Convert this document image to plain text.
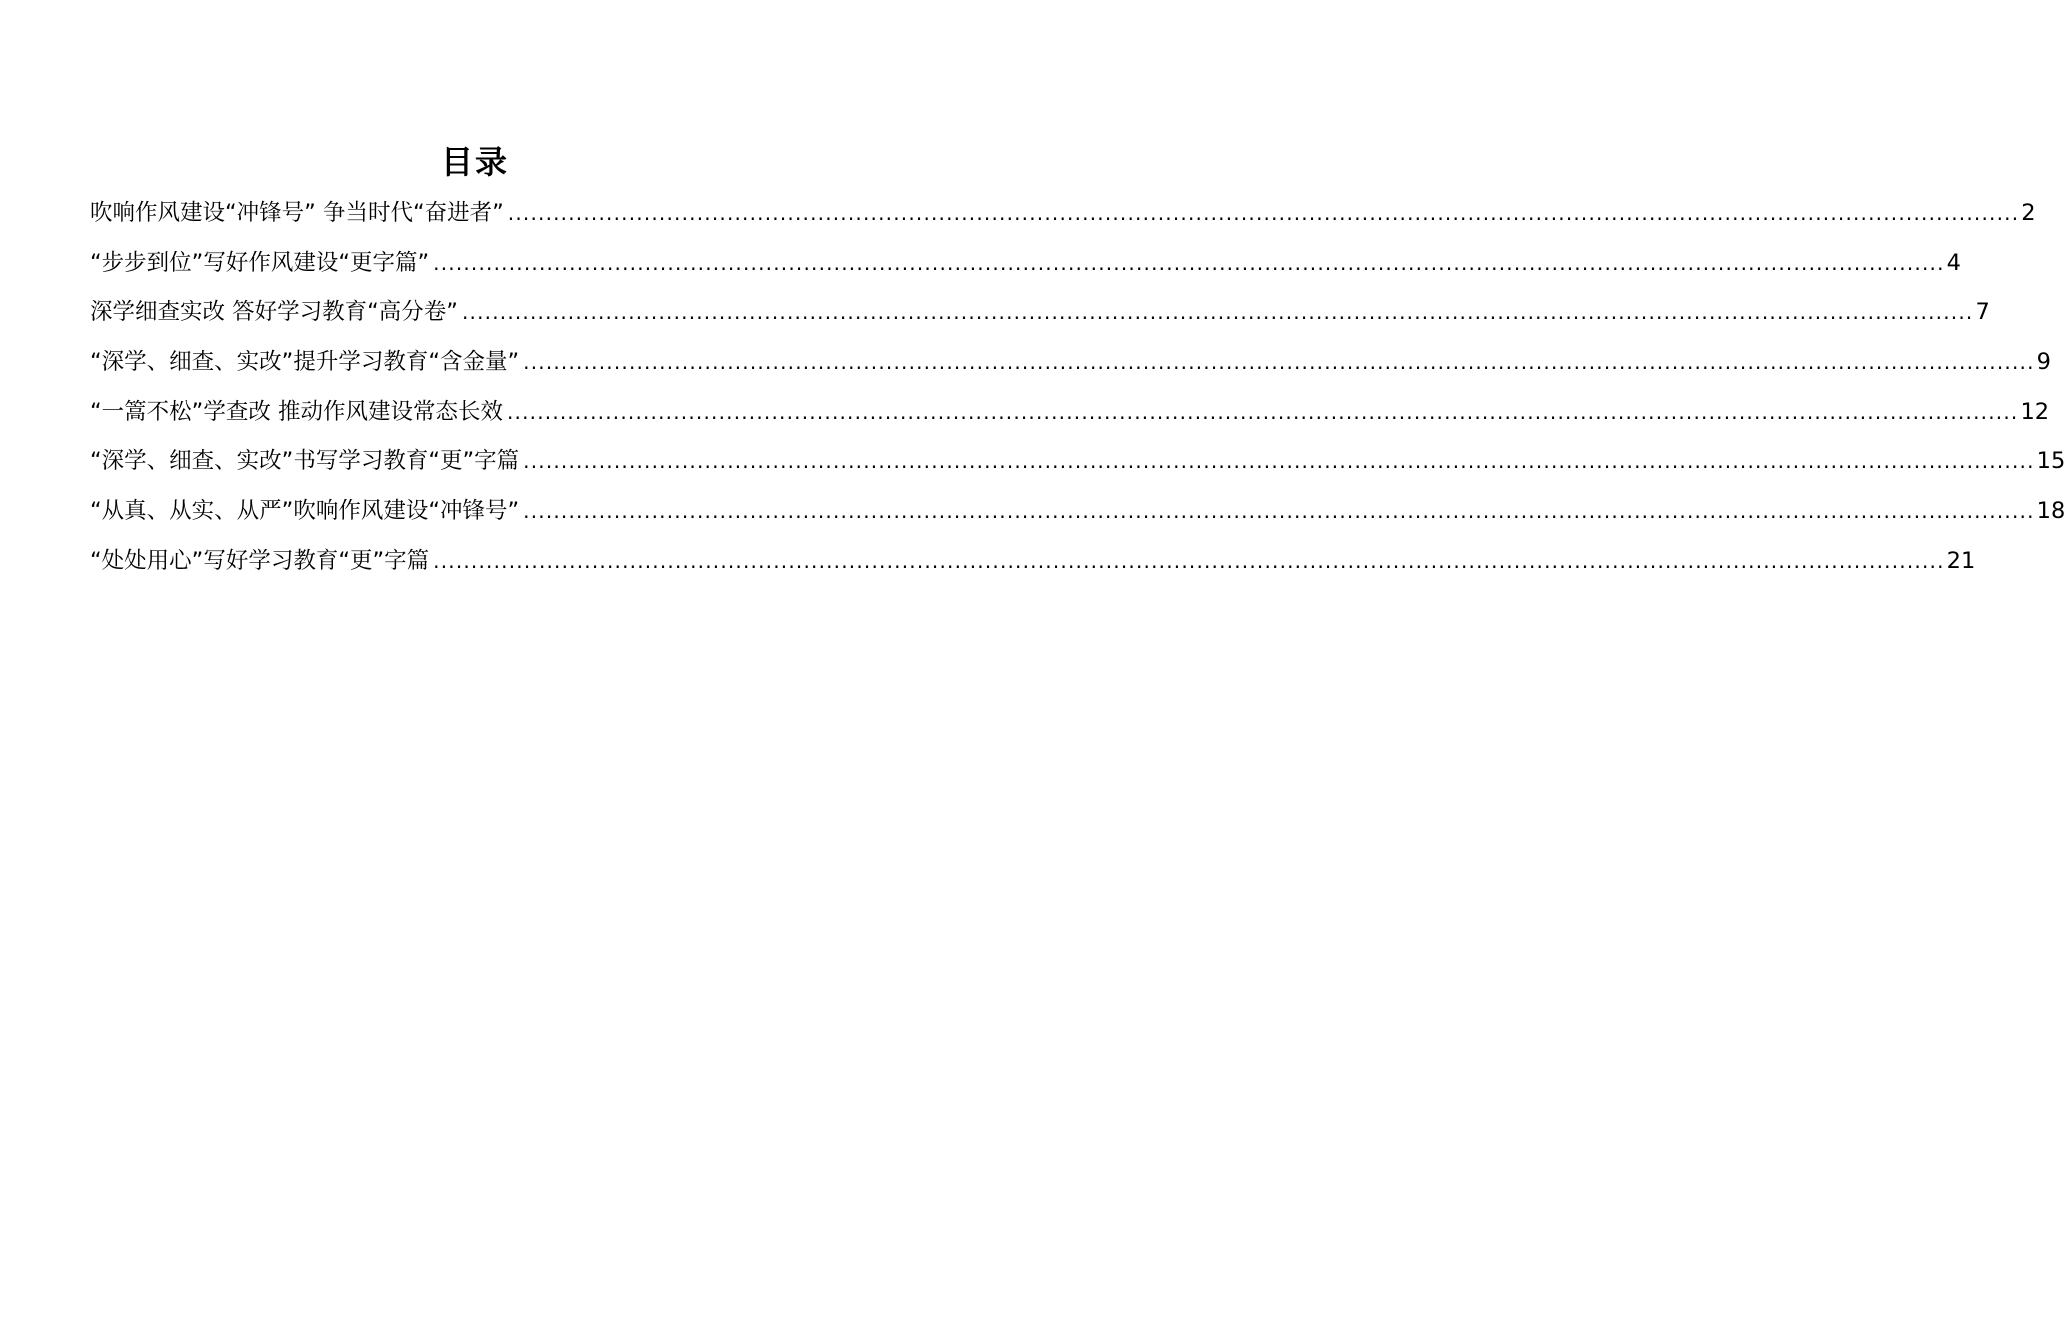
目录
吹响作风建设“冲锋号” 争当时代“奋进者” ........................................................................................................................................................................................................ 2
“步步到位”写好作风建设“更字篇” ........................................................................................................................................................................................................ 4
深学细查实改 答好学习教育“高分卷” ........................................................................................................................................................................................................ 7
“深学、细查、实改”提升学习教育“含金量” ........................................................................................................................................................................................................ 9
“一篙不松”学查改 推动作风建设常态长效 ........................................................................................................................................................................................................ 12
“深学、细查、实改”书写学习教育“更”字篇 ........................................................................................................................................................................................................ 15
“从真、从实、从严”吹响作风建设“冲锋号” ........................................................................................................................................................................................................ 18
“处处用心”写好学习教育“更”字篇 ........................................................................................................................................................................................................ 21
